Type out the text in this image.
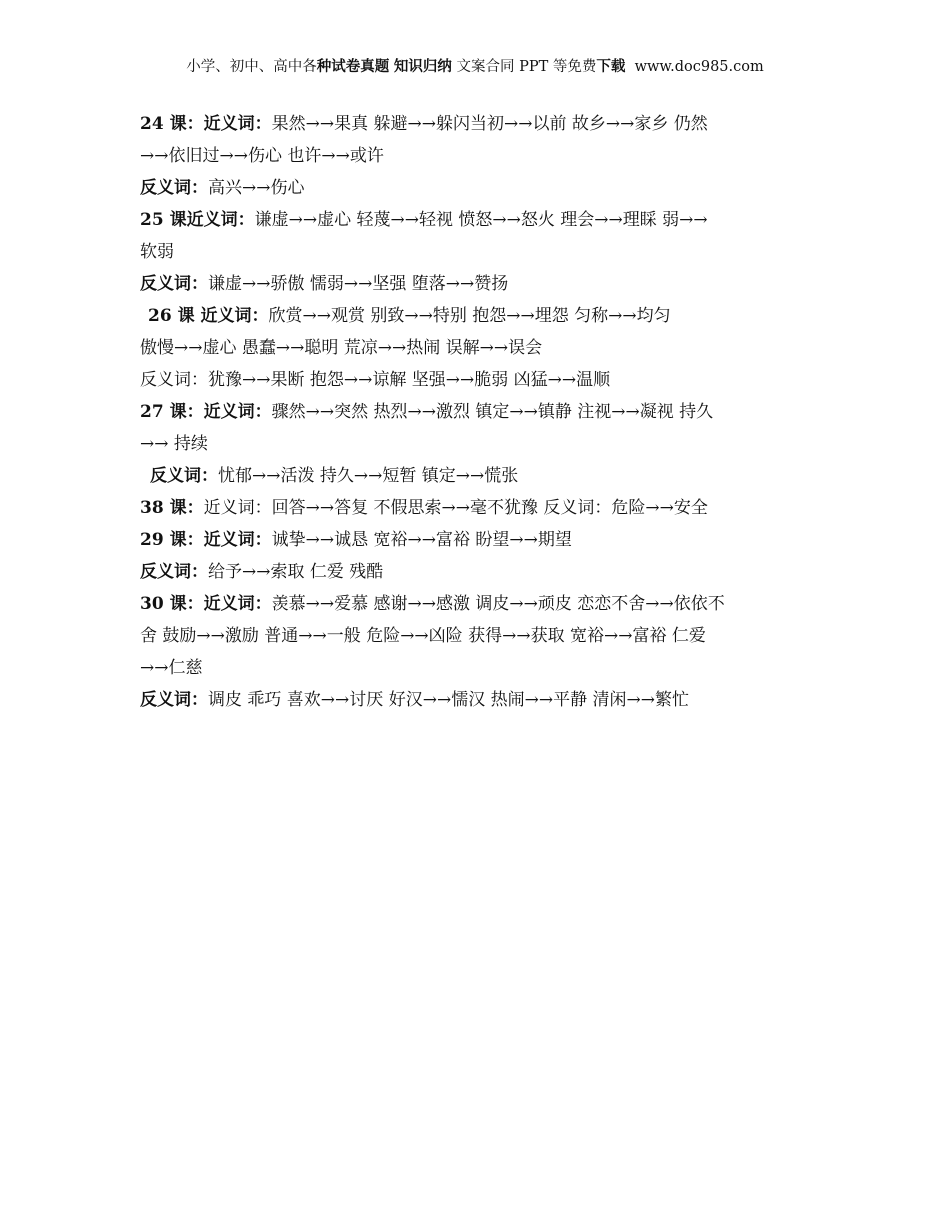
小学、初中、高中各种试卷真题 知识归纳 文案合同 PPT 等免费下载 www.doc985.com
24 课：近义词：果然→→果真 躲避→→躲闪当初→→以前 故乡→→家乡 仍然
→→依旧过→→伤心 也许→→或许
反义词：高兴→→伤心
25 课近义词：谦虚→→虚心 轻蔑→→轻视 愤怒→→怒火 理会→→理睬 弱→→
软弱
反义词：谦虚→→骄傲 懦弱→→坚强 堕落→→赞扬
26 课 近义词：欣赏→→观赏 别致→→特别 抱怨→→埋怨 匀称→→均匀
傲慢→→虚心 愚蠢→→聪明 荒凉→→热闹 误解→→误会
反义词：犹豫→→果断 抱怨→→谅解 坚强→→脆弱 凶猛→→温顺
27 课：近义词：骤然→→突然 热烈→→激烈 镇定→→镇静 注视→→凝视 持久
→→ 持续
反义词：忧郁→→活泼 持久→→短暂 镇定→→慌张
38 课：近义词：回答→→答复 不假思索→→毫不犹豫 反义词：危险→→安全
29 课：近义词：诚挚→→诚恳 宽裕→→富裕 盼望→→期望
反义词：给予→→索取 仁爱 残酷
30 课：近义词：羡慕→→爱慕 感谢→→感激 调皮→→顽皮 恋恋不舍→→依依不
舍 鼓励→→激励 普通→→一般 危险→→凶险 获得→→获取 宽裕→→富裕 仁爱
→→仁慈
反义词：调皮 乖巧 喜欢→→讨厌 好汉→→懦汉 热闹→→平静 清闲→→繁忙
